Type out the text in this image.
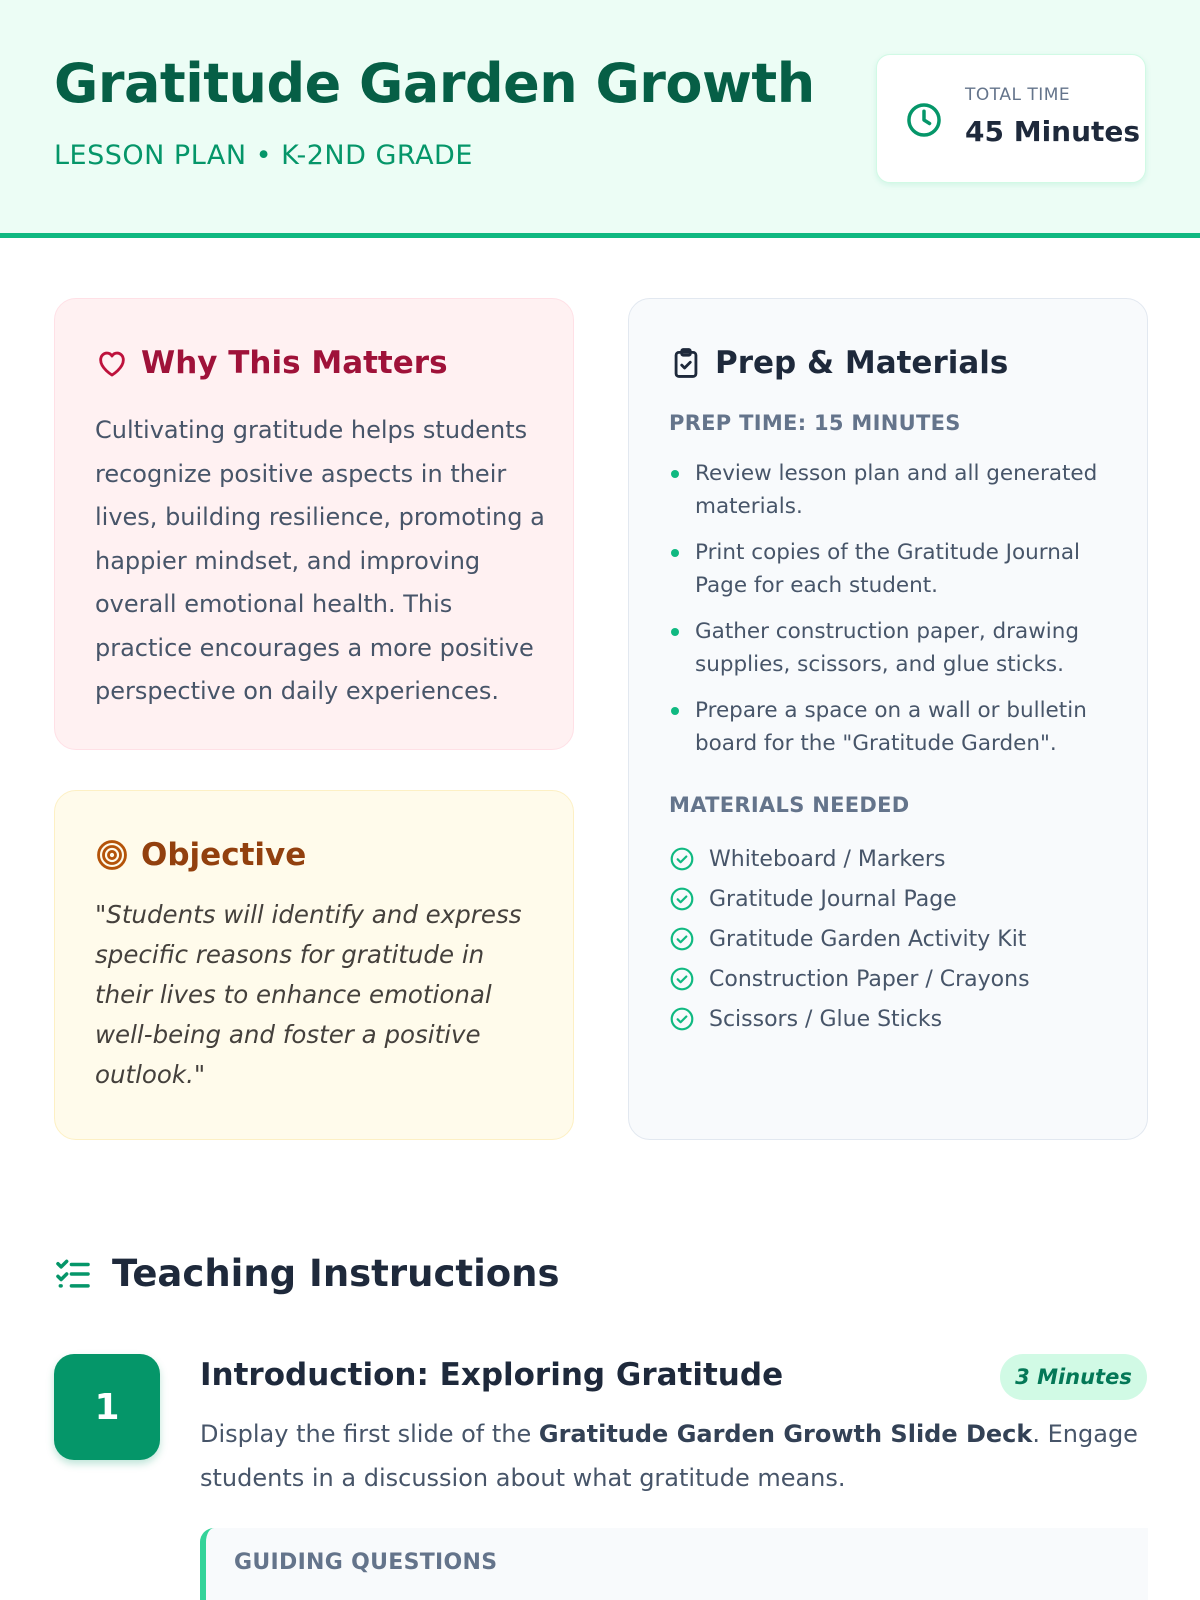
Gratitude Garden Growth
LESSON PLAN • K-2ND GRADE
TOTAL TIME
45 Minutes
Why This Matters

Cultivating gratitude helps students recognize positive aspects in their lives, building resilience, promoting a happier mindset, and improving overall emotional health. This practice encourages a more positive perspective on daily experiences.

Objective

"Students will identify and express specific reasons for gratitude in their lives to enhance emotional well-being and foster a positive outlook."

Prep & Materials
PREP TIME: 15 MINUTES
Review lesson plan and all generated materials.
Print copies of the Gratitude Journal Page for each student.
Gather construction paper, drawing supplies, scissors, and glue sticks.
Prepare a space on a wall or bulletin board for the "Gratitude Garden".
MATERIALS NEEDED
Whiteboard / Markers
Gratitude Journal Page
Gratitude Garden Activity Kit
Construction Paper / Crayons
Scissors / Glue Sticks
Teaching Instructions
1
Introduction: Exploring Gratitude	3 Minutes

Display the first slide of the Gratitude Garden Growth Slide Deck. Engage students in a discussion about what gratitude means.

GUIDING QUESTIONS
